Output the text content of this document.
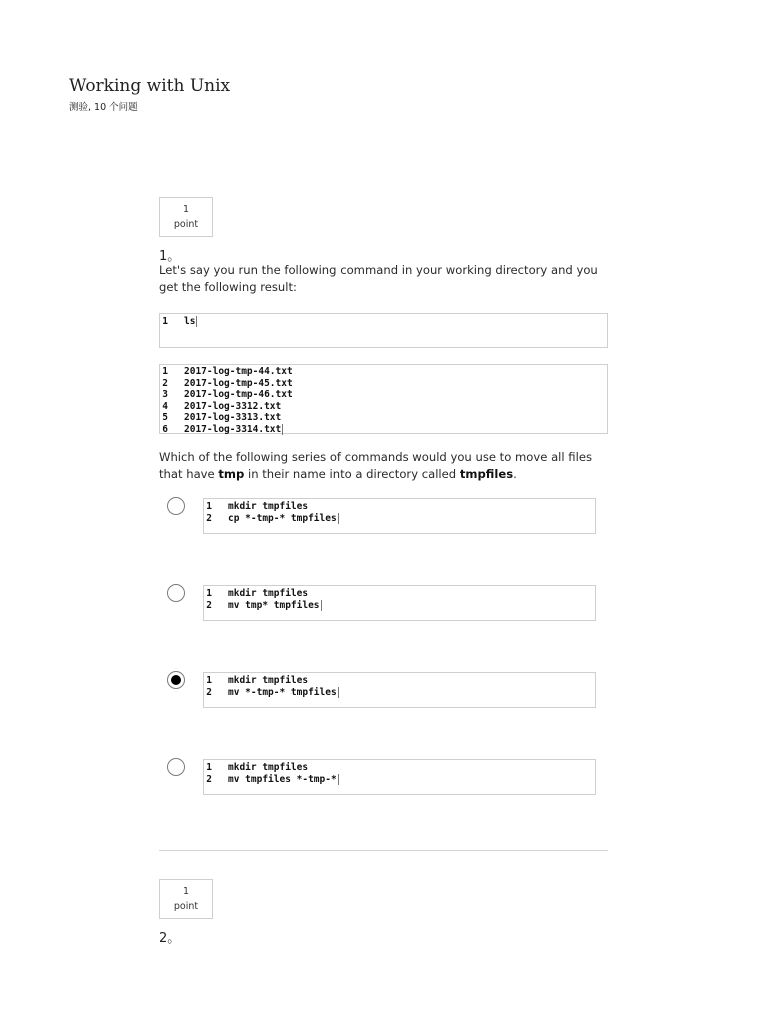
Working with Unix
测验, 10 个问题
1
point
1。

Let's say you run the following command in your working directory and you get the following result:

1	ls
1	2017-log-tmp-44.txt
2	2017-log-tmp-45.txt
3	2017-log-tmp-46.txt
4	2017-log-3312.txt
5	2017-log-3313.txt
6	2017-log-3314.txt

Which of the following series of commands would you use to move all files that have tmp in their name into a directory called tmpfiles.

1	mkdir tmpfiles
2	cp *-tmp-* tmpfiles
1	mkdir tmpfiles
2	mv tmp* tmpfiles
1	mkdir tmpfiles
2	mv *-tmp-* tmpfiles
1	mkdir tmpfiles
2	mv tmpfiles *-tmp-*
1
point
2。
